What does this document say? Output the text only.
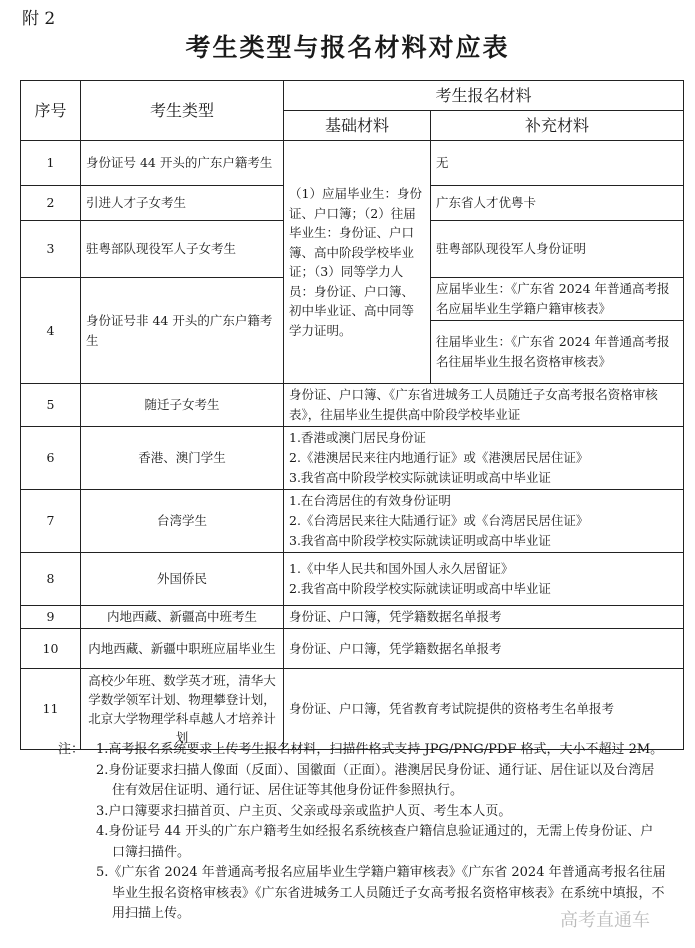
附 2
考生类型与报名材料对应表
序号	考生类型	考生报名材料	
		基础材料	补充材料
1	身份证号 44 开头的广东户籍考生	（1）应届毕业生：身份证、户口簿；（2）往届毕业生：身份证、户口簿、高中阶段学校毕业证；（3）同等学力人员：身份证、户口簿、初中毕业证、高中同等学力证明。	无
2	引进人才子女考生		广东省人才优粤卡
3	驻粤部队现役军人子女考生		驻粤部队现役军人身份证明
4	身份证号非 44 开头的广东户籍考生		应届毕业生：《广东省 2024 年普通高考报名应届毕业生学籍户籍审核表》
			往届毕业生：《广东省 2024 年普通高考报名往届毕业生报名资格审核表》
5	随迁子女考生	身份证、户口簿、《广东省进城务工人员随迁子女高考报名资格审核表》，往届毕业生提供高中阶段学校毕业证	

6	香港、澳门学生	1.香港或澳门居民身份证
2.《港澳居民来往内地通行证》或《港澳居民居住证》
3.我省高中阶段学校实际就读证明或高中毕业证	

7	台湾学生	1.在台湾居住的有效身份证明
2.《台湾居民来往大陆通行证》或《台湾居民居住证》
3.我省高中阶段学校实际就读证明或高中毕业证	

8	外国侨民	1.《中华人民共和国外国人永久居留证》
2.我省高中阶段学校实际就读证明或高中毕业证	

9	内地西藏、新疆高中班考生	身份证、户口簿，凭学籍数据名单报考	

10	内地西藏、新疆中职班应届毕业生	身份证、户口簿，凭学籍数据名单报考	

11	高校少年班、数学英才班，清华大学数学领军计划、物理攀登计划，北京大学物理学科卓越人才培养计划	身份证、户口簿，凭省教育考试院提供的资格考生名单报考	
注： 1.高考报名系统要求上传考生报名材料，扫描件格式支持 JPG/PNG/PDF 格式，大小不超过 2M。
2.身份证要求扫描人像面（反面）、国徽面（正面）。港澳居民身份证、通行证、居住证以及台湾居住有效居住证明、通行证、居住证等其他身份证件参照执行。
3.户口簿要求扫描首页、户主页、父亲或母亲或监护人页、考生本人页。
4.身份证号 44 开头的广东户籍考生如经报名系统核查户籍信息验证通过的，无需上传身份证、户口簿扫描件。
5.《广东省 2024 年普通高考报名应届毕业生学籍户籍审核表》《广东省 2024 年普通高考报名往届毕业生报名资格审核表》《广东省进城务工人员随迁子女高考报名资格审核表》在系统中填报，不用扫描上传。	高考直通车
